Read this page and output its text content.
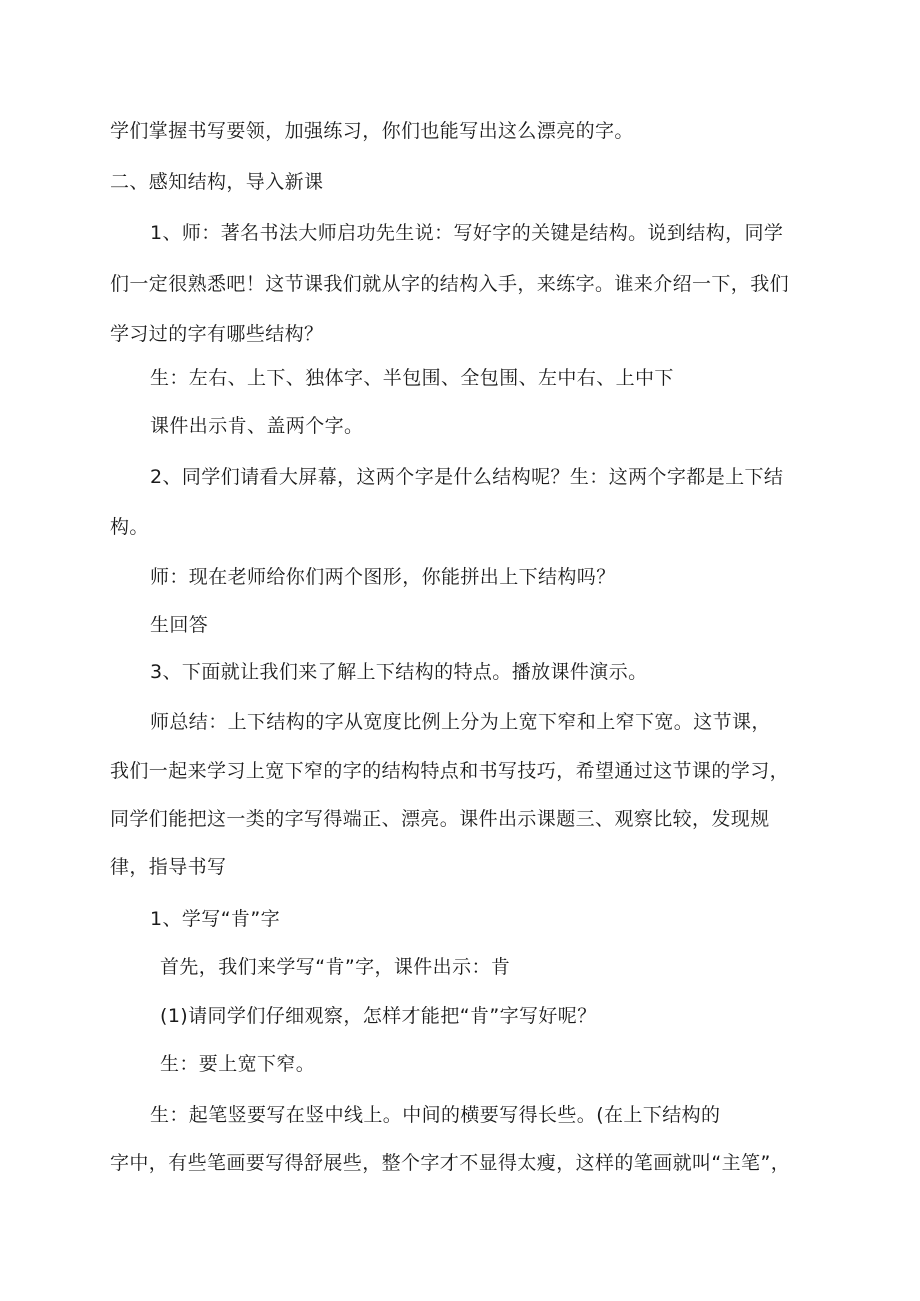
学们掌握书写要领，加强练习，你们也能写出这么漂亮的字。

二、感知结构，导入新课

1、师：著名书法大师启功先生说：写好字的关键是结构。说到结构，同学

们一定很熟悉吧！这节课我们就从字的结构入手，来练字。谁来介绍一下，我们

学习过的字有哪些结构？

生：左右、上下、独体字、半包围、全包围、左中右、上中下

课件出示肯、盖两个字。

2、同学们请看大屏幕，这两个字是什么结构呢？生：这两个字都是上下结

构。

师：现在老师给你们两个图形，你能拼出上下结构吗？

生回答

3、下面就让我们来了解上下结构的特点。播放课件演示。

师总结：上下结构的字从宽度比例上分为上宽下窄和上窄下宽。这节课，

我们一起来学习上宽下窄的字的结构特点和书写技巧，希望通过这节课的学习，

同学们能把这一类的字写得端正、漂亮。课件出示课题三、观察比较，发现规

律，指导书写

1、学写“肯”字

首先，我们来学写“肯”字，课件出示：肯

(1)请同学们仔细观察，怎样才能把“肯”字写好呢？

生：要上宽下窄。

生：起笔竖要写在竖中线上。中间的横要写得长些。(在上下结构的

字中，有些笔画要写得舒展些，整个字才不显得太瘦，这样的笔画就叫“主笔”，
